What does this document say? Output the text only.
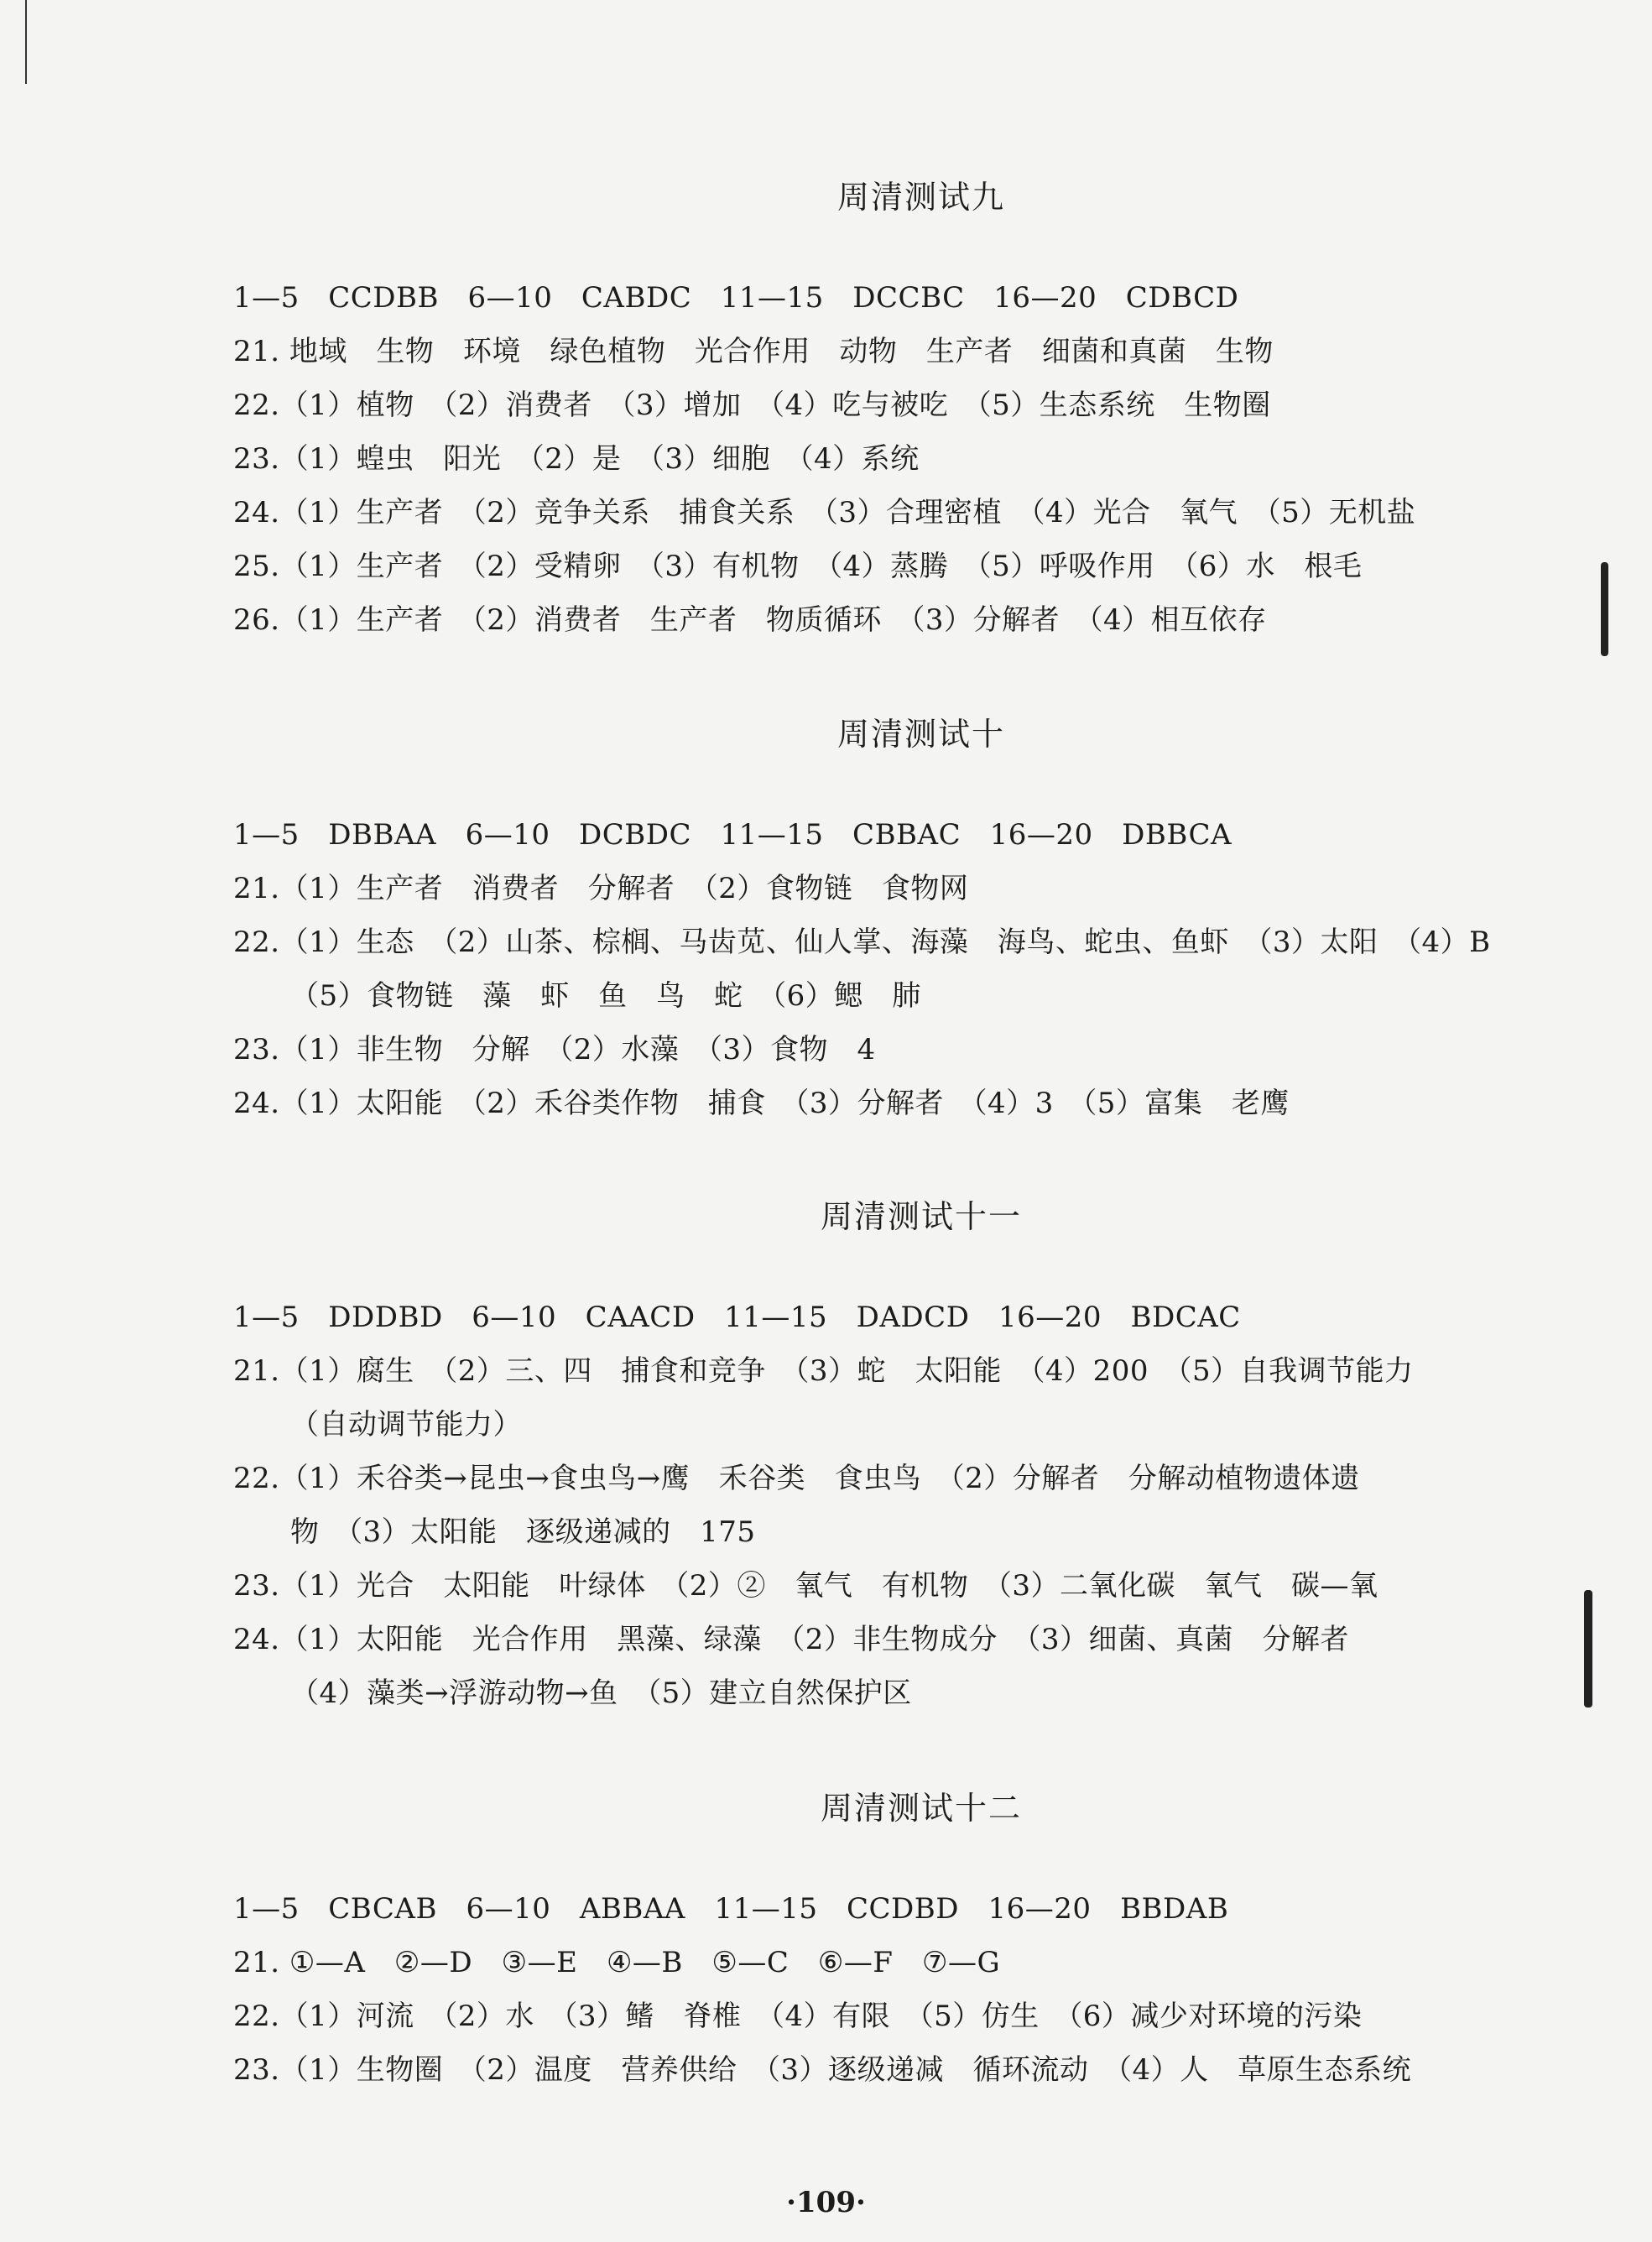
周清测试九
1—5　CCDBB　6—10　CABDC　11—15　DCCBC　16—20　CDBCD
21. 地域　生物　环境　绿色植物　光合作用　动物　生产者　细菌和真菌　生物
22.（1）植物　（2）消费者　（3）增加　（4）吃与被吃　（5）生态系统　生物圈
23.（1）蝗虫　阳光　（2）是　（3）细胞　（4）系统
24.（1）生产者　（2）竞争关系　捕食关系　（3）合理密植　（4）光合　氧气　（5）无机盐
25.（1）生产者　（2）受精卵　（3）有机物　（4）蒸腾　（5）呼吸作用　（6）水　根毛
26.（1）生产者　（2）消费者　生产者　物质循环　（3）分解者　（4）相互依存
周清测试十
1—5　DBBAA　6—10　DCBDC　11—15　CBBAC　16—20　DBBCA
21.（1）生产者　消费者　分解者　（2）食物链　食物网
22.（1）生态　（2）山茶、棕榈、马齿苋、仙人掌、海藻　海鸟、蛇虫、鱼虾　（3）太阳　（4）B
（5）食物链　藻　虾　鱼　鸟　蛇　（6）鳃　肺
23.（1）非生物　分解　（2）水藻　（3）食物　4
24.（1）太阳能　（2）禾谷类作物　捕食　（3）分解者　（4）3　（5）富集　老鹰
周清测试十一
1—5　DDDBD　6—10　CAACD　11—15　DADCD　16—20　BDCAC
21.（1）腐生　（2）三、四　捕食和竞争　（3）蛇　太阳能　（4）200　（5）自我调节能力
（自动调节能力）
22.（1）禾谷类→昆虫→食虫鸟→鹰　禾谷类　食虫鸟　（2）分解者　分解动植物遗体遗
物　（3）太阳能　逐级递减的　175
23.（1）光合　太阳能　叶绿体　（2）②　氧气　有机物　（3）二氧化碳　氧气　碳—氧
24.（1）太阳能　光合作用　黑藻、绿藻　（2）非生物成分　（3）细菌、真菌　分解者
（4）藻类→浮游动物→鱼　（5）建立自然保护区
周清测试十二
1—5　CBCAB　6—10　ABBAA　11—15　CCDBD　16—20　BBDAB
21. ①—A　②—D　③—E　④—B　⑤—C　⑥—F　⑦—G
22.（1）河流　（2）水　（3）鳍　脊椎　（4）有限　（5）仿生　（6）减少对环境的污染
23.（1）生物圈　（2）温度　营养供给　（3）逐级递减　循环流动　（4）人　草原生态系统
·109·
